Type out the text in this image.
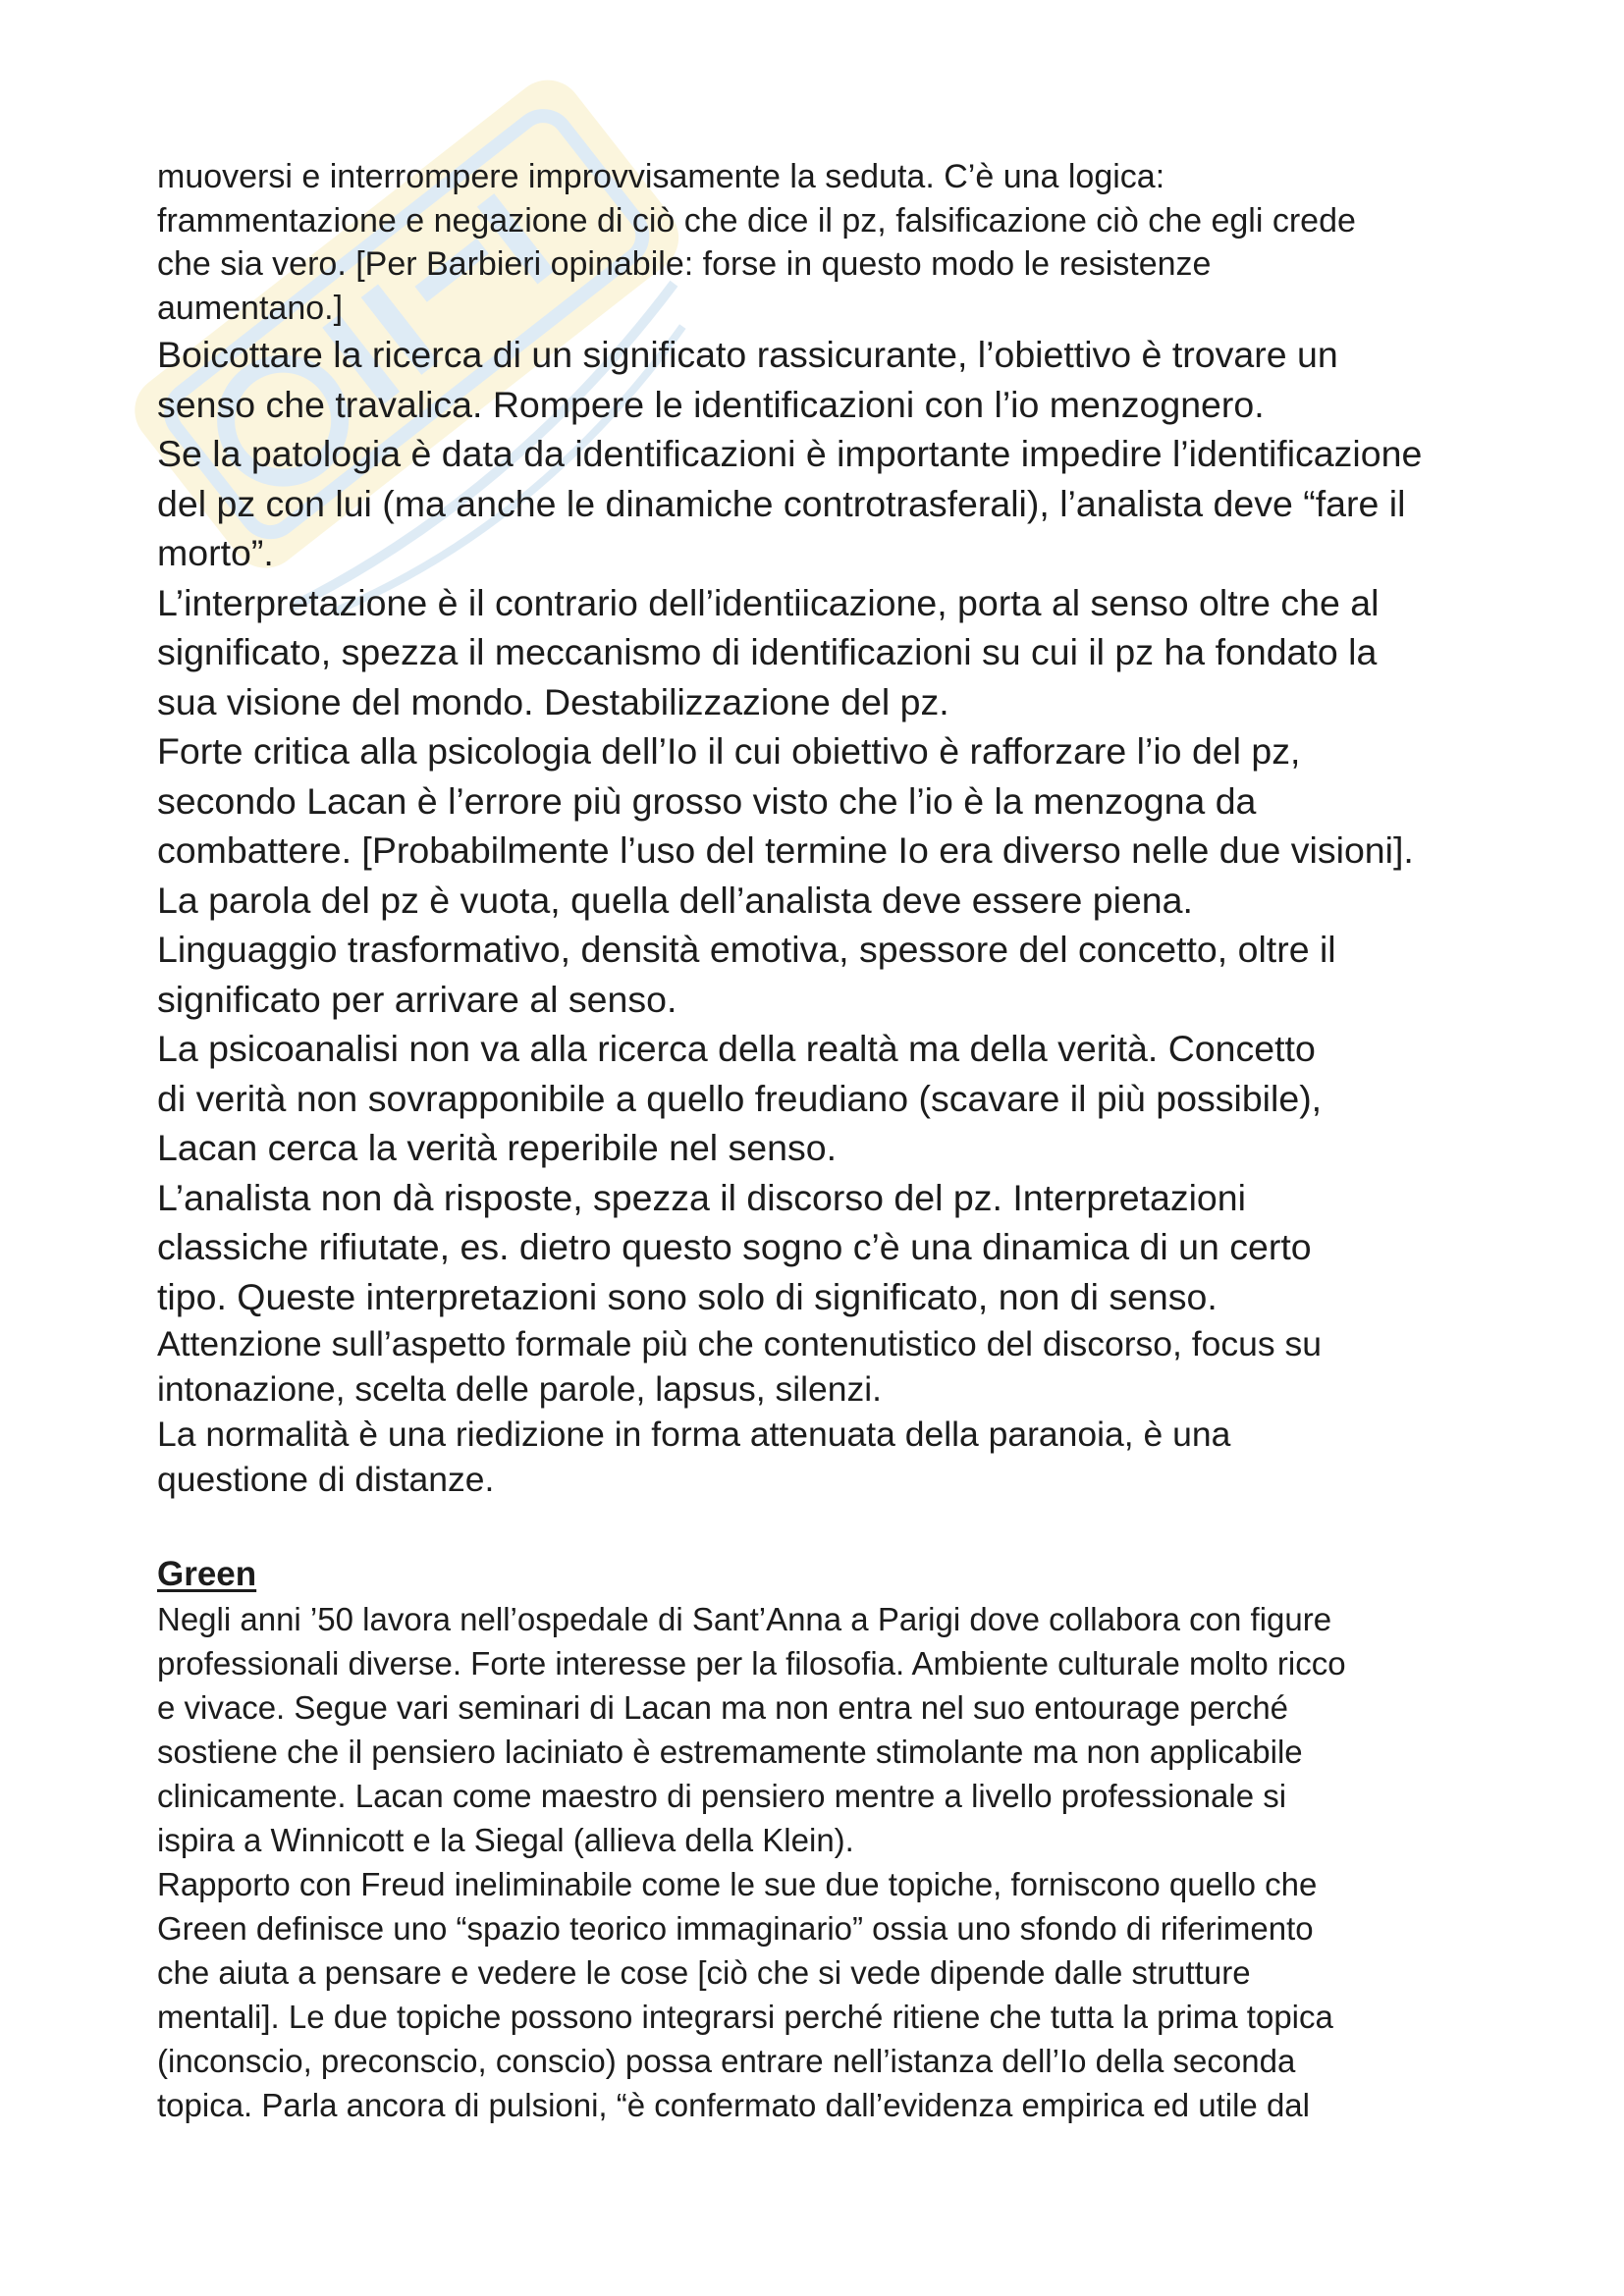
muoversi e interrompere improvvisamente la seduta. C’è una logica:
frammentazione e negazione di ciò che dice il pz, falsificazione ciò che egli crede
che sia vero. [Per Barbieri opinabile: forse in questo modo le resistenze
aumentano.]

Boicottare la ricerca di un significato rassicurante, l’obiettivo è trovare un
senso che travalica. Rompere le identificazioni con l’io menzognero.

Se la patologia è data da identificazioni è importante impedire l’identificazione
del pz con lui (ma anche le dinamiche controtrasferali), l’analista deve “fare il
morto”.

L’interpretazione è il contrario dell’identiicazione, porta al senso oltre che al
significato, spezza il meccanismo di identificazioni su cui il pz ha fondato la
sua visione del mondo. Destabilizzazione del pz.

Forte critica alla psicologia dell’Io il cui obiettivo è rafforzare l’io del pz,
secondo Lacan è l’errore più grosso visto che l’io è la menzogna da
combattere. [Probabilmente l’uso del termine Io era diverso nelle due visioni].

La parola del pz è vuota, quella dell’analista deve essere piena.
Linguaggio trasformativo, densità emotiva, spessore del concetto, oltre il
significato per arrivare al senso.
La psicoanalisi non va alla ricerca della realtà ma della verità. Concetto
di verità non sovrapponibile a quello freudiano (scavare il più possibile),
Lacan cerca la verità reperibile nel senso.
L’analista non dà risposte, spezza il discorso del pz. Interpretazioni
classiche rifiutate, es. dietro questo sogno c’è una dinamica di un certo
tipo. Queste interpretazioni sono solo di significato, non di senso.

Attenzione sull’aspetto formale più che contenutistico del discorso, focus su
intonazione, scelta delle parole, lapsus, silenzi.
La normalità è una riedizione in forma attenuata della paranoia, è una
questione di distanze.

Green

Negli anni ’50 lavora nell’ospedale di Sant’Anna a Parigi dove collabora con figure
professionali diverse. Forte interesse per la filosofia. Ambiente culturale molto ricco
e vivace. Segue vari seminari di Lacan ma non entra nel suo entourage perché
sostiene che il pensiero laciniato è estremamente stimolante ma non applicabile
clinicamente. Lacan come maestro di pensiero mentre a livello professionale si
ispira a Winnicott e la Siegal (allieva della Klein).

Rapporto con Freud ineliminabile come le sue due topiche, forniscono quello che
Green definisce uno “spazio teorico immaginario” ossia uno sfondo di riferimento
che aiuta a pensare e vedere le cose [ciò che si vede dipende dalle strutture
mentali]. Le due topiche possono integrarsi perché ritiene che tutta la prima topica
(inconscio, preconscio, conscio) possa entrare nell’istanza dell’Io della seconda
topica. Parla ancora di pulsioni, “è confermato dall’evidenza empirica ed utile dal
